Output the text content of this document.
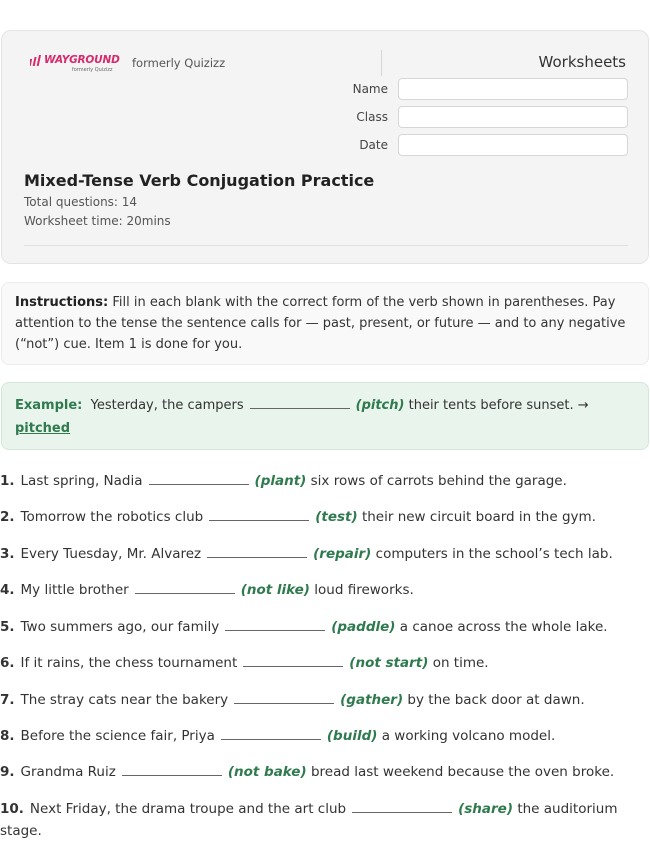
WAYGROUND
formerly Quizizz formerly Quizizz	Worksheets
Name
Class
Date
Mixed-Tense Verb Conjugation Practice
Total questions: 14
Worksheet time: 20mins
Instructions: Fill in each blank with the correct form of the verb shown in parentheses. Pay attention to the tense the sentence calls for — past, present, or future — and to any negative (“not”) cue. Item 1 is done for you.
Example: Yesterday, the campers	(pitch) their tents before sunset. →
pitched
1. Last spring, Nadia	(plant) six rows of carrots behind the garage.
2. Tomorrow the robotics club	(test) their new circuit board in the gym.
3. Every Tuesday, Mr. Alvarez	(repair) computers in the school’s tech lab.
4. My little brother	(not like) loud fireworks.
5. Two summers ago, our family	(paddle) a canoe across the whole lake.
6. If it rains, the chess tournament	(not start) on time.
7. The stray cats near the bakery	(gather) by the back door at dawn.
8. Before the science fair, Priya	(build) a working volcano model.
9. Grandma Ruiz	(not bake) bread last weekend because the oven broke.
10. Next Friday, the drama troupe and the art club	(share) the auditorium stage.
